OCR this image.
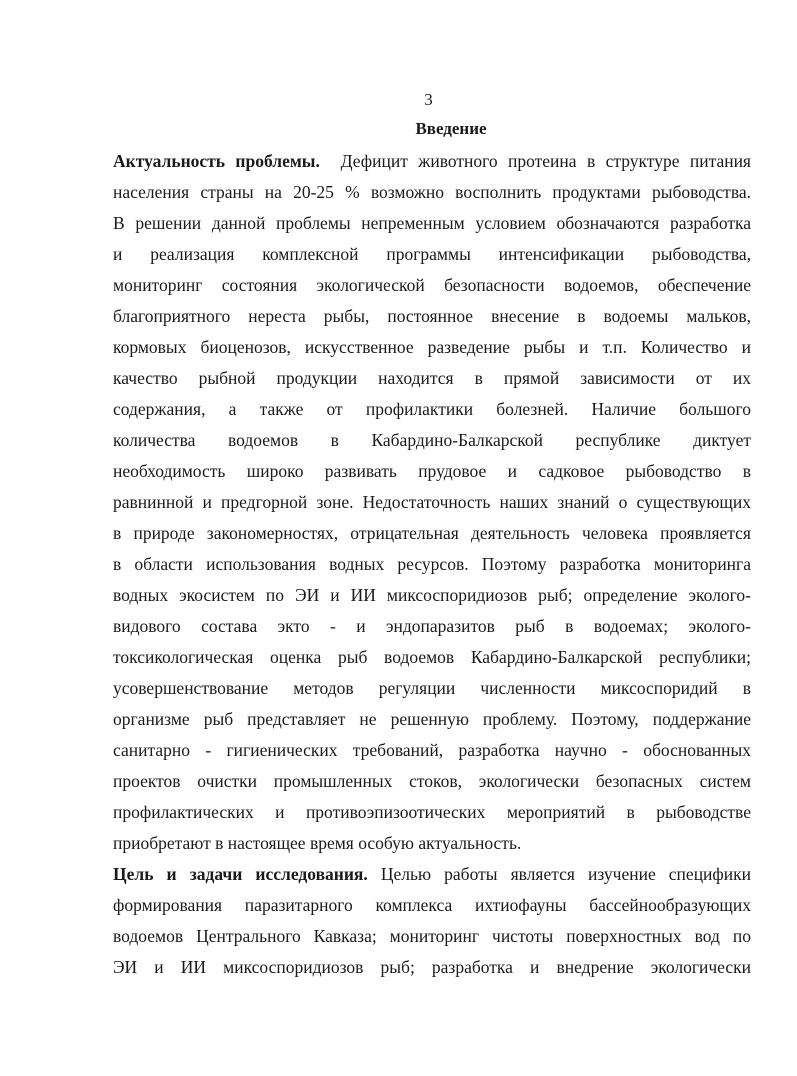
3
Введение
Актуальность проблемы. Дефицит животного протеина в структуре питания
населения страны на 20-25 % возможно восполнить продуктами рыбоводства.
В решении данной проблемы непременным условием обозначаются разработка
и реализация комплексной программы интенсификации рыбоводства,
мониторинг состояния экологической безопасности водоемов, обеспечение
благоприятного нереста рыбы, постоянное внесение в водоемы мальков,
кормовых биоценозов, искусственное разведение рыбы и т.п. Количество и
качество рыбной продукции находится в прямой зависимости от их
содержания, а также от профилактики болезней. Наличие большого
количества водоемов в Кабардино-Балкарской республике диктует
необходимость широко развивать прудовое и садковое рыбоводство в
равнинной и предгорной зоне. Недостаточность наших знаний о существующих
в природе закономерностях, отрицательная деятельность человека проявляется
в области использования водных ресурсов. Поэтому разработка мониторинга
водных экосистем по ЭИ и ИИ миксоспоридиозов рыб; определение эколого-
видового состава экто - и эндопаразитов рыб в водоемах; эколого-
токсикологическая оценка рыб водоемов Кабардино-Балкарской республики;
усовершенствование методов регуляции численности миксоспоридий в
организме рыб представляет не решенную проблему. Поэтому, поддержание
санитарно - гигиенических требований, разработка научно - обоснованных
проектов очистки промышленных стоков, экологически безопасных систем
профилактических и противоэпизоотических мероприятий в рыбоводстве
приобретают в настоящее время особую актуальность.
Цель и задачи исследования. Целью работы является изучение специфики
формирования паразитарного комплекса ихтиофауны бассейнообразующих
водоемов Центрального Кавказа; мониторинг чистоты поверхностных вод по
ЭИ и ИИ миксоспоридиозов рыб; разработка и внедрение экологически
